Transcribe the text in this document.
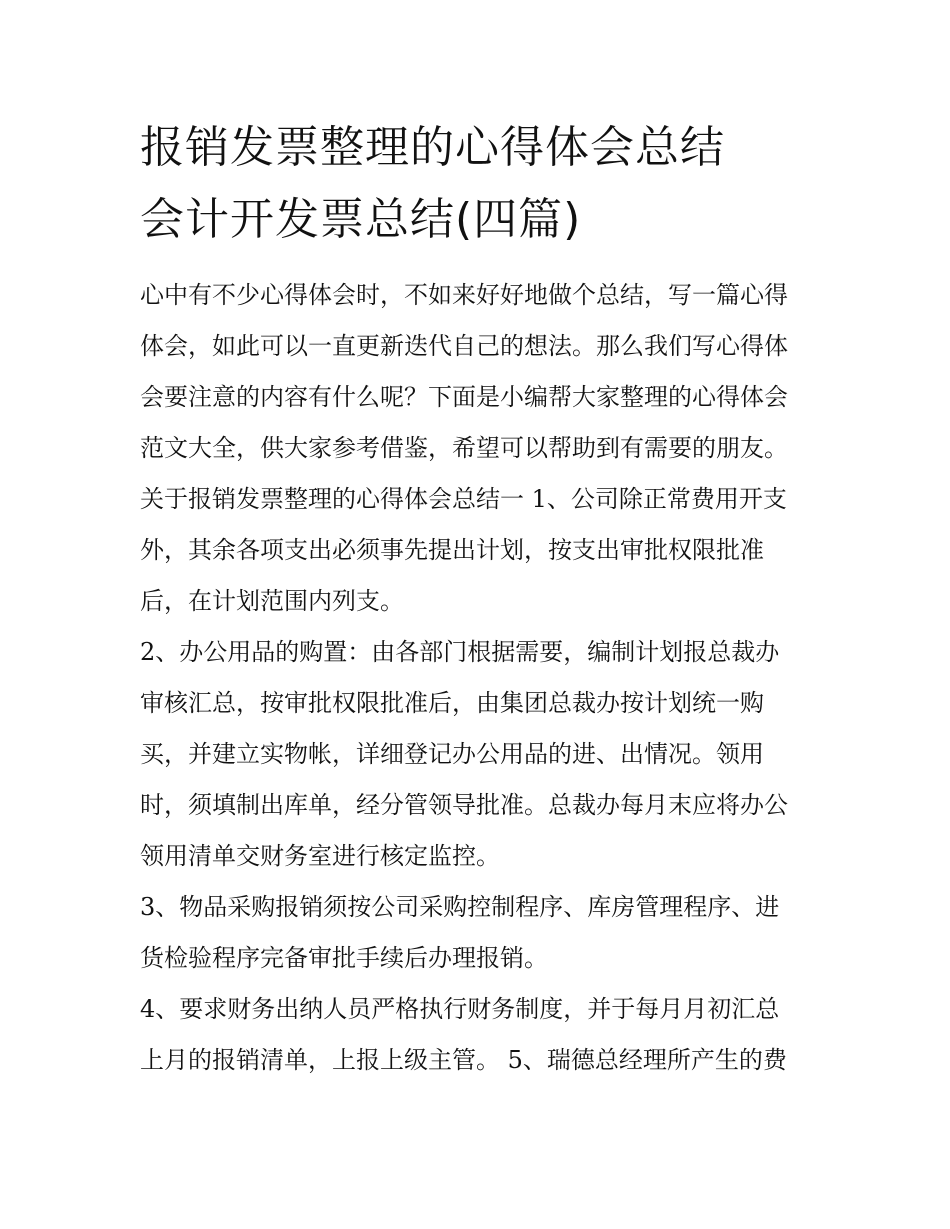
报销发票整理的心得体会总结
会计开发票总结(四篇)

心中有不少心得体会时，不如来好好地做个总结，写一篇心得
体会，如此可以一直更新迭代自己的想法。那么我们写心得体
会要注意的内容有什么呢？下面是小编帮大家整理的心得体会
范文大全，供大家参考借鉴，希望可以帮助到有需要的朋友。
关于报销发票整理的心得体会总结一 1、公司除正常费用开支
外，其余各项支出必须事先提出计划，按支出审批权限批准
后，在计划范围内列支。

2、办公用品的购置：由各部门根据需要，编制计划报总裁办
审核汇总，按审批权限批准后，由集团总裁办按计划统一购
买，并建立实物帐，详细登记办公用品的进、出情况。领用
时，须填制出库单，经分管领导批准。总裁办每月末应将办公
领用清单交财务室进行核定监控。

3、物品采购报销须按公司采购控制程序、库房管理程序、进
货检验程序完备审批手续后办理报销。

4、要求财务出纳人员严格执行财务制度，并于每月月初汇总
上月的报销清单，上报上级主管。 5、瑞德总经理所产生的费
